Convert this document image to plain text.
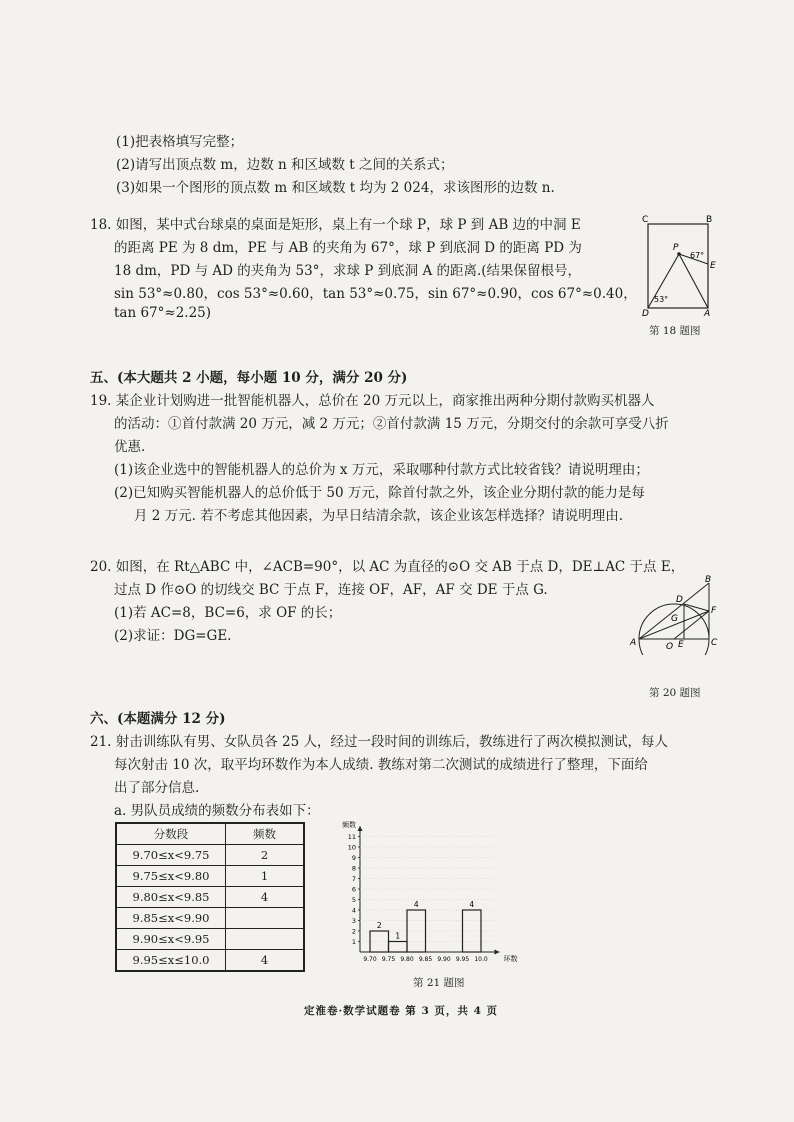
(1)把表格填写完整；
(2)请写出顶点数 m，边数 n 和区域数 t 之间的关系式；
(3)如果一个图形的顶点数 m 和区域数 t 均为 2 024，求该图形的边数 n.
18. 如图，某中式台球桌的桌面是矩形，桌上有一个球 P，球 P 到 AB 边的中洞 E
的距离 PE 为 8 dm，PE 与 AB 的夹角为 67°，球 P 到底洞 D 的距离 PD 为
18 dm，PD 与 AD 的夹角为 53°，求球 P 到底洞 A 的距离.(结果保留根号，
sin 53°≈0.80，cos 53°≈0.60，tan 53°≈0.75，sin 67°≈0.90，cos 67°≈0.40，
tan 67°≈2.25)
C	B
P
67°
E
53°
D	A
第 18 题图
五、(本大题共 2 小题，每小题 10 分，满分 20 分)
19. 某企业计划购进一批智能机器人，总价在 20 万元以上，商家推出两种分期付款购买机器人
的活动：①首付款满 20 万元，减 2 万元；②首付款满 15 万元，分期交付的余款可享受八折
优惠.
(1)该企业选中的智能机器人的总价为 x 万元，采取哪种付款方式比较省钱？请说明理由；
(2)已知购买智能机器人的总价低于 50 万元，除首付款之外，该企业分期付款的能力是每
月 2 万元. 若不考虑其他因素，为早日结清余款，该企业该怎样选择？请说明理由.
20. 如图，在 Rt△ABC 中，∠ACB=90°，以 AC 为直径的⊙O 交 AB 于点 D，DE⊥AC 于点 E，
过点 D 作⊙O 的切线交 BC 于点 F，连接 OF，AF，AF 交 DE 于点 G.
(1)若 AC=8，BC=6，求 OF 的长；
(2)求证：DG=GE.
B
D
F
G
A	O E	C
第 20 题图
六、(本题满分 12 分)
21. 射击训练队有男、女队员各 25 人，经过一段时间的训练后，教练进行了两次模拟测试，每人
每次射击 10 次，取平均环数作为本人成绩. 教练对第二次测试的成绩进行了整理，下面给
出了部分信息.
a. 男队员成绩的频数分布表如下：
分数段	频数
9.70≤x<9.75	2
9.75≤x<9.80	1
9.80≤x<9.85	4
9.85≤x<9.90	
9.90≤x<9.95	
9.95≤x≤10.0	4
频数
1
2
3
4
5
6
7
8
9
10
11
9.70 9.75 9.80 9.85 9.90 9.95 10.0 环数
2
1
4	4
第 21 题图
定淮卷·数学试题卷 第 3 页，共 4 页
